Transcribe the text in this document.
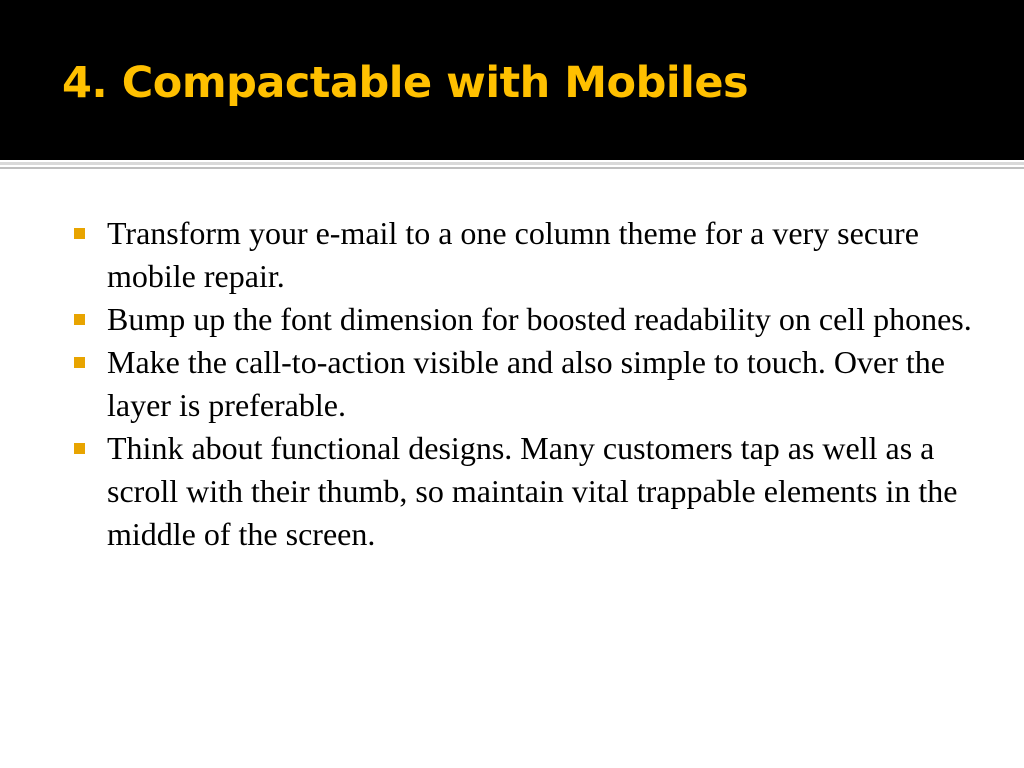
4. Compactable with Mobiles
Transform your e-mail to a one column theme for a very secure mobile repair.
Bump up the font dimension for boosted readability on cell phones.
Make the call-to-action visible and also simple to touch. Over the layer is preferable.
Think about functional designs. Many customers tap as well as a scroll with their thumb, so maintain vital trappable elements in the middle of the screen.
